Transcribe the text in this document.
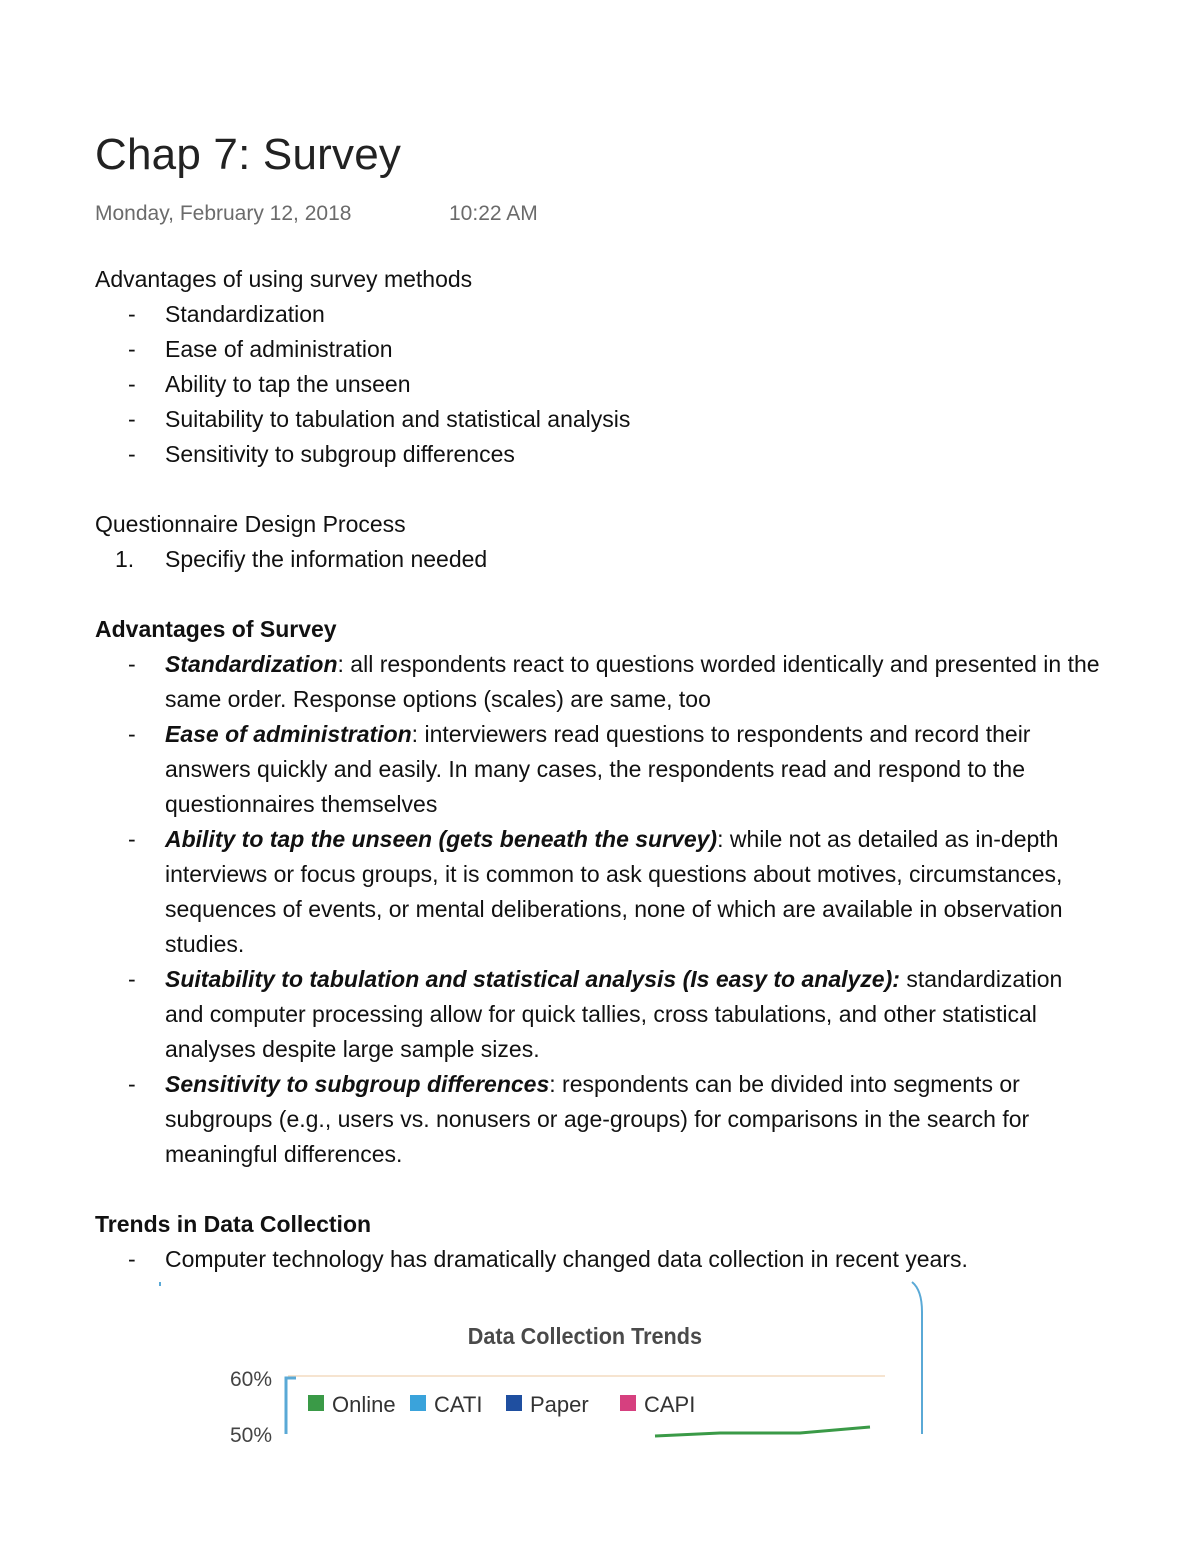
Chap 7: Survey
Monday, February 12, 2018	10:22 AM

Advantages of using survey methods

- Standardization
- Ease of administration
- Ability to tap the unseen
- Suitability to tabulation and statistical analysis
- Sensitivity to subgroup differences

Questionnaire Design Process

1. Specifiy the information needed

Advantages of Survey

- Standardization: all respondents react to questions worded identically and presented in the same order. Response options (scales) are same, too
- Ease of administration: interviewers read questions to respondents and record their answers quickly and easily. In many cases, the respondents read and respond to the questionnaires themselves
- Ability to tap the unseen (gets beneath the survey): while not as detailed as in-depth interviews or focus groups, it is common to ask questions about motives, circumstances, sequences of events, or mental deliberations, none of which are available in observation studies.
- Suitability to tabulation and statistical analysis (Is easy to analyze): standardization and computer processing allow for quick tallies, cross tabulations, and other statistical analyses despite large sample sizes.
- Sensitivity to subgroup differences: respondents can be divided into segments or subgroups (e.g., users vs. nonusers or age-groups) for comparisons in the search for meaningful differences.

Trends in Data Collection

- Computer technology has dramatically changed data collection in recent years.
Data Collection Trends
60%
50%
Online CATI Paper	CAPI
